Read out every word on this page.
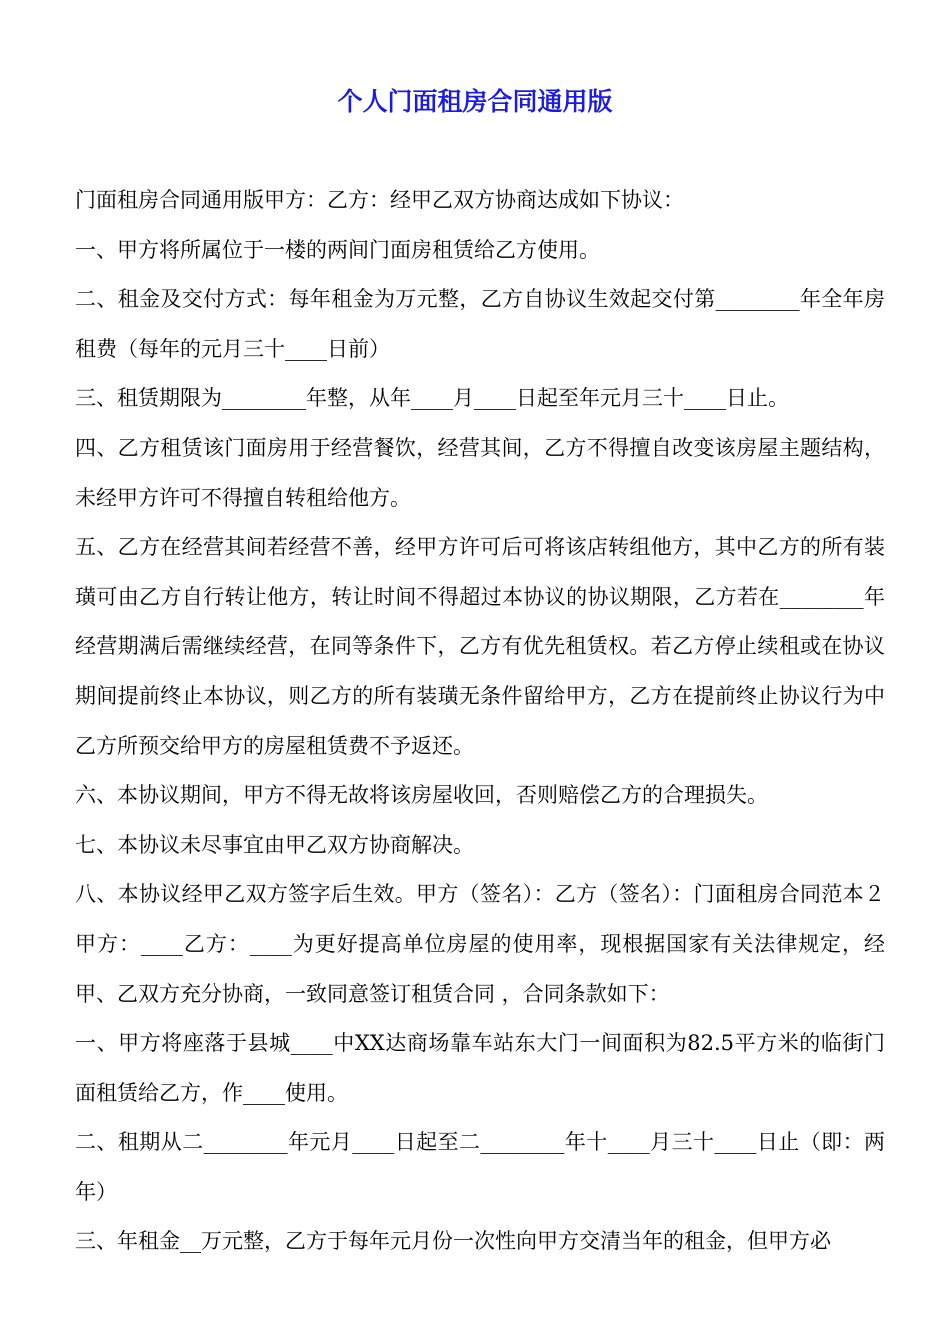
个人门面租房合同通用版

门面租房合同通用版甲方：乙方：经甲乙双方协商达成如下协议：

一、甲方将所属位于一楼的两间门面房租赁给乙方使用。

二、租金及交付方式：每年租金为万元整，乙方自协议生效起交付第________年全年房租费（每年的元月三十____日前）

三、租赁期限为________年整，从年____月____日起至年元月三十____日止。

四、乙方租赁该门面房用于经营餐饮，经营其间，乙方不得擅自改变该房屋主题结构，未经甲方许可不得擅自转租给他方。

五、乙方在经营其间若经营不善，经甲方许可后可将该店转组他方，其中乙方的所有装璜可由乙方自行转让他方，转让时间不得超过本协议的协议期限，乙方若在________年经营期满后需继续经营，在同等条件下，乙方有优先租赁权。若乙方停止续租或在协议期间提前终止本协议，则乙方的所有装璜无条件留给甲方，乙方在提前终止协议行为中乙方所预交给甲方的房屋租赁费不予返还。

六、本协议期间，甲方不得无故将该房屋收回，否则赔偿乙方的合理损失。

七、本协议未尽事宜由甲乙双方协商解决。

八、本协议经甲乙双方签字后生效。甲方（签名）：乙方（签名）：门面租房合同范本２甲方：____乙方：____为更好提高单位房屋的使用率，现根据国家有关法律规定，经甲、乙双方充分协商，一致同意签订租赁合同 ，合同条款如下：

一、甲方将座落于县城____中XX达商场靠车站东大门一间面积为82.5平方米的临街门面租赁给乙方，作____使用。

二、租期从二________年元月____日起至二________年十____月三十____日止（即：两年）

三、年租金__万元整，乙方于每年元月份一次性向甲方交清当年的租金，但甲方必
